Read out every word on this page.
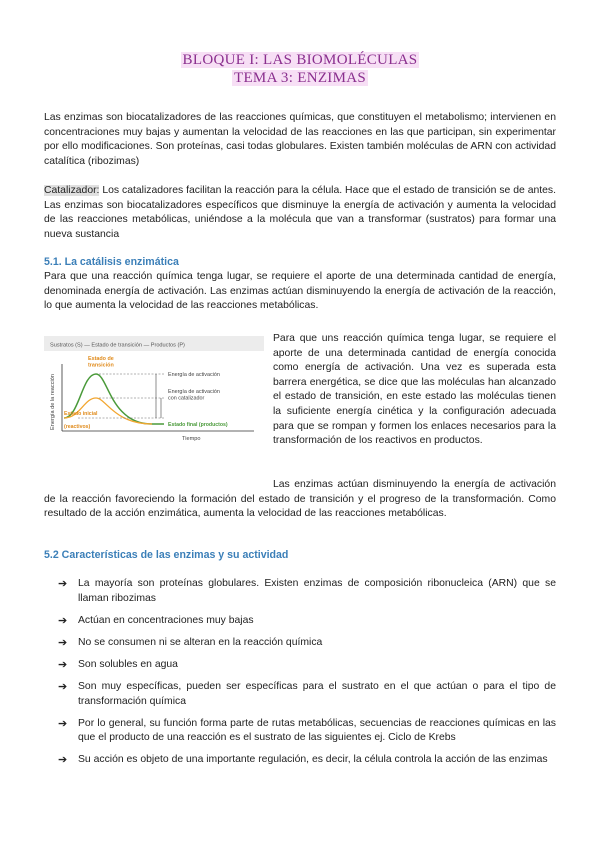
BLOQUE I: LAS BIOMOLÉCULAS
TEMA 3: ENZIMAS

Las enzimas son biocatalizadores de las reacciones químicas, que constituyen el metabolismo; intervienen en concentraciones muy bajas y aumentan la velocidad de las reacciones en las que participan, sin experimentar por ello modificaciones. Son proteínas, casi todas globulares. Existen también moléculas de ARN con actividad catalítica (ribozimas)

Catalizador: Los catalizadores facilitan la reacción para la célula. Hace que el estado de transición se de antes. Las enzimas son biocatalizadores específicos que disminuye la energía de activación y aumenta la velocidad de las reacciones metabólicas, uniéndose a la molécula que van a transformar (sustratos) para formar una nueva sustancia

5.1. La catálisis enzimática

Para que una reacción química tenga lugar, se requiere el aporte de una determinada cantidad de energía, denominada energía de activación. Las enzimas actúan disminuyendo la energía de activación de la reacción, lo que aumenta la velocidad de las reacciones metabólicas.

Sustratos (S) — Estado de transición — Productos (P)
Energía de la reacción
Tiempo
Estado de
transición
Energía de activación
Energía de activación
con catalizador
Estado inicial
(reactivos)	Estado final (productos)

Para que uns reacción química tenga lugar, se requiere el aporte de una determinada cantidad de energía conocida como energía de activación. Una vez es superada esta barrera energética, se dice que las moléculas han alcanzado el estado de transición, en este estado las moléculas tienen la suficiente energía cinética y la configuración adecuada para que se rompan y formen los enlaces necesarios para la transformación de los reactivos en productos.

Las enzimas actúan disminuyendo la energía de activación de la reacción favoreciendo la formación del estado de transición y el progreso de la transformación. Como resultado de la acción enzimática, aumenta la velocidad de las reacciones metabólicas.

5.2 Características de las enzimas y su actividad
➔ La mayoría son proteínas globulares. Existen enzimas de composición ribonucleica (ARN) que se llaman ribozimas
➔ Actúan en concentraciones muy bajas
➔ No se consumen ni se alteran en la reacción química
➔ Son solubles en agua
➔ Son muy específicas, pueden ser específicas para el sustrato en el que actúan o para el tipo de transformación química
➔ Por lo general, su función forma parte de rutas metabólicas, secuencias de reacciones químicas en las que el producto de una reacción es el sustrato de las siguientes ej. Ciclo de Krebs
➔ Su acción es objeto de una importante regulación, es decir, la célula controla la acción de las enzimas
